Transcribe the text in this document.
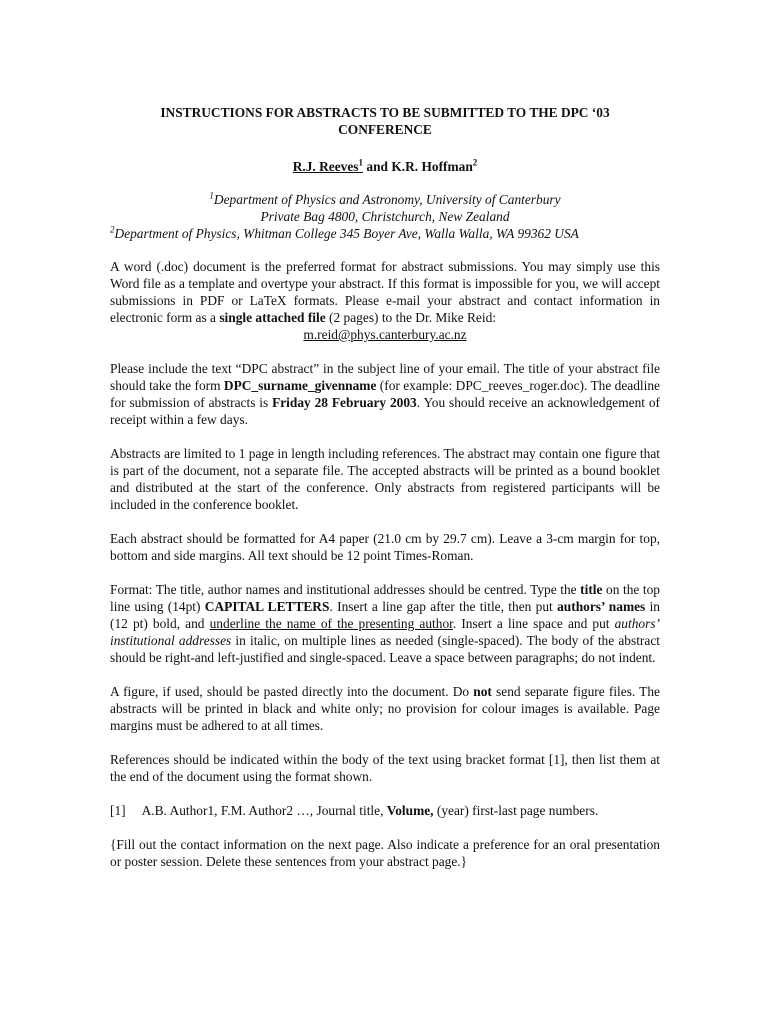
INSTRUCTIONS FOR ABSTRACTS TO BE SUBMITTED TO THE DPC ‘03
CONFERENCE
R.J. Reeves$^1$ and K.R. Hoffman$^2$
$^1$Department of Physics and Astronomy, University of Canterbury
Private Bag 4800, Christchurch, New Zealand
$^2$Department of Physics, Whitman College 345 Boyer Ave, Walla Walla, WA 99362 USA
A word (.doc) document is the preferred format for abstract submissions. You may simply use this Word file as a template and overtype your abstract. If this format is impossible for you, we will accept submissions in PDF or LaTeX formats. Please e-mail your abstract and contact information in electronic form as a single attached file (2 pages) to the Dr. Mike Reid:
m.reid@phys.canterbury.ac.nz
Please include the text “DPC abstract” in the subject line of your email. The title of your abstract file should take the form DPC_surname_givenname (for example: DPC_reeves_roger.doc). The deadline for submission of abstracts is Friday 28 February 2003. You should receive an acknowledgement of receipt within a few days.
Abstracts are limited to 1 page in length including references. The abstract may contain one figure that is part of the document, not a separate file. The accepted abstracts will be printed as a bound booklet and distributed at the start of the conference. Only abstracts from registered participants will be included in the conference booklet.
Each abstract should be formatted for A4 paper (21.0 cm by 29.7 cm). Leave a 3-cm margin for top, bottom and side margins. All text should be 12 point Times-Roman.
Format: The title, author names and institutional addresses should be centred. Type the title on the top line using (14pt) CAPITAL LETTERS. Insert a line gap after the title, then put authors’ names in (12 pt) bold, and underline the name of the presenting author. Insert a line space and put authors’ institutional addresses in italic, on multiple lines as needed (single-spaced). The body of the abstract should be right-and left-justified and single-spaced. Leave a space between paragraphs; do not indent.
A figure, if used, should be pasted directly into the document. Do not send separate figure files. The abstracts will be printed in black and white only; no provision for colour images is available. Page margins must be adhered to at all times.
References should be indicated within the body of the text using bracket format [1], then list them at the end of the document using the format shown.
[1]     A.B. Author1, F.M. Author2 …, Journal title, Volume, (year) first-last page numbers.
{Fill out the contact information on the next page. Also indicate a preference for an oral presentation or poster session. Delete these sentences from your abstract page.}
